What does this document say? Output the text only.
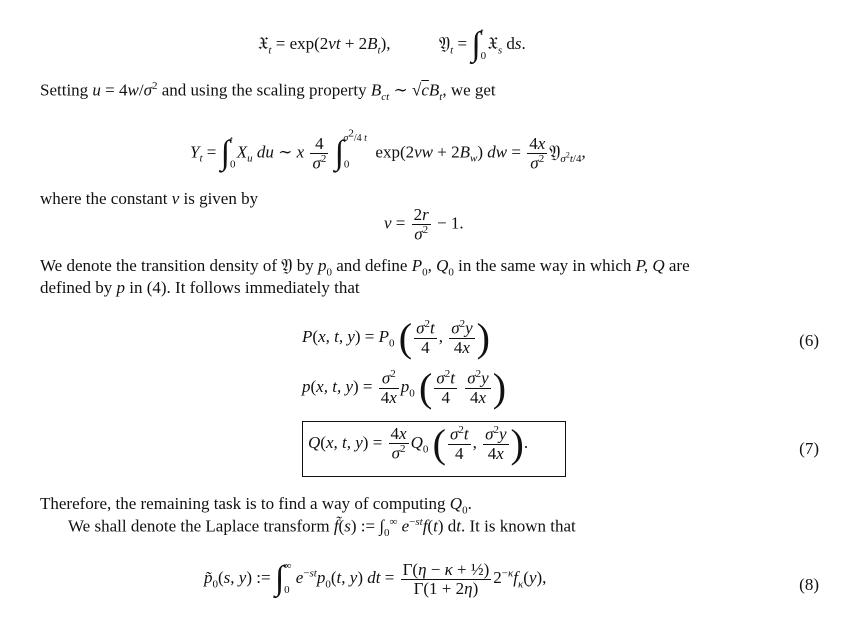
𝔛$_t$ = $\exp(2\nu t + 2B_t)$,	𝔜$_t$ = $\int_0^t$ 𝔛$_s$ ds.
Setting $u = 4w/\sigma^2$ and using the scaling property $B_{ct}$ ∼ $√cB_t$, we get
$Y_t = \int_0^t$ $X_u$ du ∼ x $\frac{4}{\sigma^2} \int_0^{\sigma^2/4 t}$  $\exp(2\nu w + 2B_w)$ dw = $\frac{4x}{\sigma^2}$ 𝔜$_{\sigma^2t/4}$,
where the constant ν is given by
$\nu = \frac{2r}{\sigma^2} - 1$.
We denote the transition density of 𝔜 by $p_0$ and define $P_0$, $Q_0$ in the same way in which P, Q are
defined by p in (4). It follows immediately that
P(x, t, $y) = P_0$ ( $\frac{\sigma^2t}{4}$ , $\frac{\sigma^2y}{4x}$ )	(6)
p(x, t, $y) = \frac{\sigma^2}{4x} p_0$ ( $\frac{\sigma^2t}{4}$
$\frac{\sigma^2y}{4x}$ )
Q(x, t, $y) = \frac{4x}{\sigma^2} Q_0$ ( $\frac{\sigma^2t}{4}$ , $\frac{\sigma^2y}{4x}$ ).	(7)
Therefore, the remaining task is to find a way of computing $Q_0$.
We shall denote the Laplace transform f̃(s) := $\int_0^\infty$ $e^{-st}f(t)$ dt. It is known that
$p̃_0(s$, y) := $\int_0^\infty$ $e^{-st}p_0(t$, y) dt = $\frac{\text{Γ(η − κ + ½)}}{\Gamma(1 + 2\eta)} 2^{-\kappa}f_\kappa(y)$,	(8)
